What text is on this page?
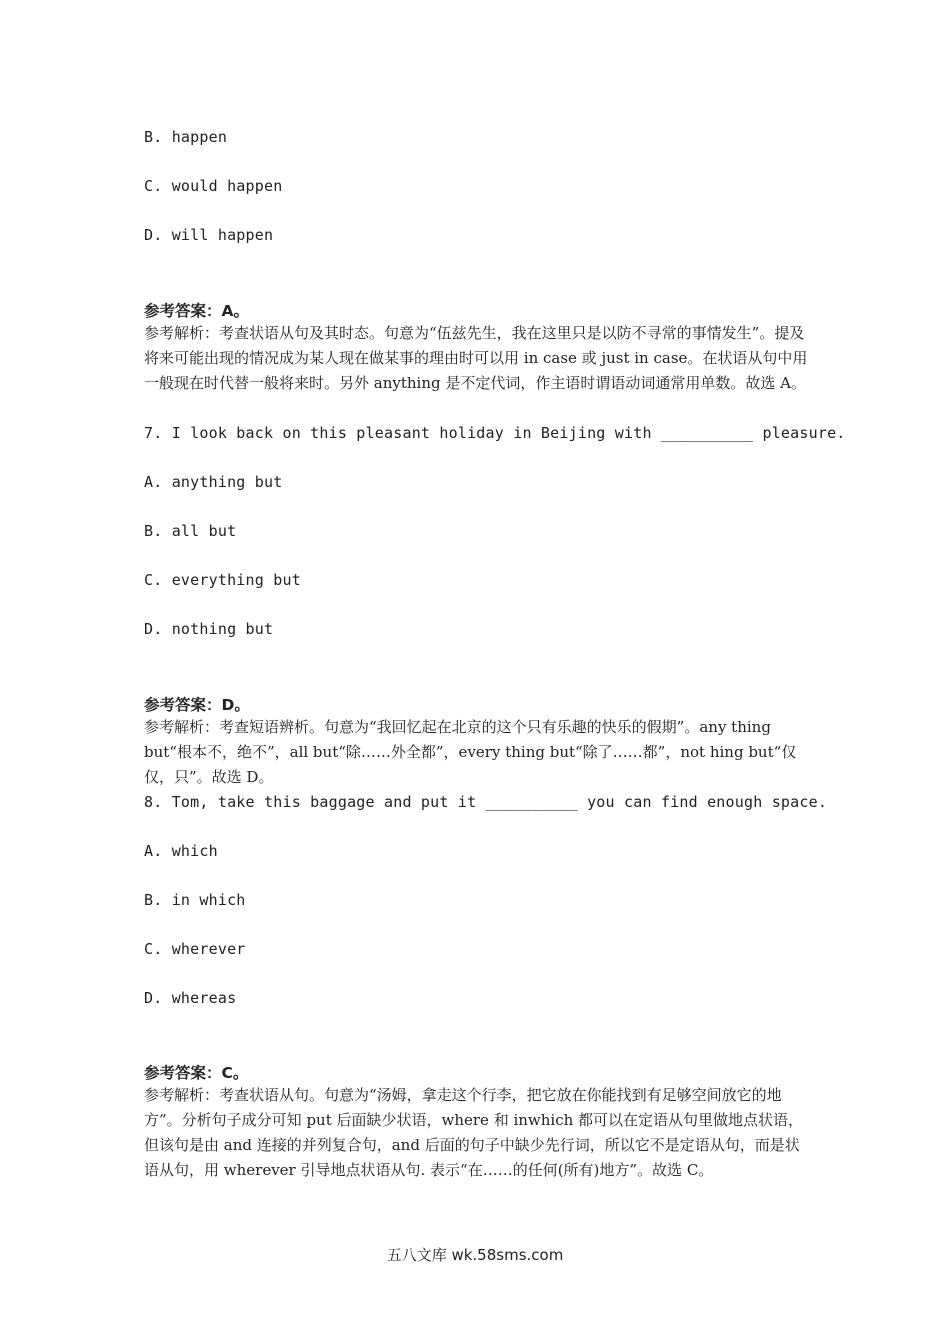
B. happen
C. would happen
D. will happen
参考答案：A。
参考解析：考查状语从句及其时态。句意为“伍兹先生，我在这里只是以防不寻常的事情发生”。提及将来可能出现的情况成为某人现在做某事的理由时可以用 in case 或 just in case。在状语从句中用一般现在时代替一般将来时。另外 anything 是不定代词，作主语时谓语动词通常用单数。故选 A。
7. I look back on this pleasant holiday in Beijing with __________ pleasure.
A. anything but
B. all but
C. everything but
D. nothing but
参考答案：D。
参考解析：考查短语辨析。句意为“我回忆起在北京的这个只有乐趣的快乐的假期”。any thing but“根本不，绝不”，all but“除……外全都”，every thing but“除了……都”，not hing but“仅仅，只”。故选 D。
8. Tom, take this baggage and put it __________ you can find enough space.
A. which
B. in which
C. wherever
D. whereas
参考答案：C。
参考解析：考查状语从句。句意为“汤姆，拿走这个行李，把它放在你能找到有足够空间放它的地方”。分析句子成分可知 put 后面缺少状语，where 和 inwhich 都可以在定语从句里做地点状语，但该句是由 and 连接的并列复合句，and 后面的句子中缺少先行词，所以它不是定语从句，而是状语从句，用 wherever 引导地点状语从句. 表示“在……的任何(所有)地方”。故选 C。
五八文库 wk.58sms.com
